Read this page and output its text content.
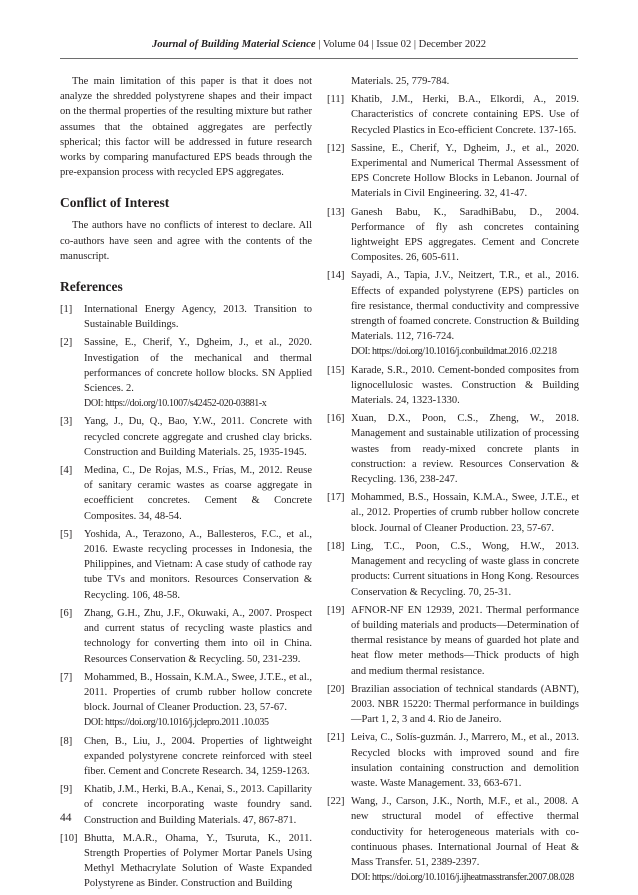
Journal of Building Material Science | Volume 04 | Issue 02 | December 2022

The main limitation of this paper is that it does not analyze the shredded polystyrene shapes and their impact on the thermal properties of the resulting mixture but rather assumes that the obtained aggregates are perfectly spherical; this factor will be addressed in future research works by comparing manufactured EPS beads through the pre-expansion process with recycled EPS aggregates.

Conflict of Interest

The authors have no conflicts of interest to declare. All co-authors have seen and agree with the contents of the manuscript.

References
[1] International Energy Agency, 2013. Transition to Sustainable Buildings.
[2] Sassine, E., Cherif, Y., Dgheim, J., et al., 2020. Investigation of the mechanical and thermal performances of concrete hollow blocks. SN Applied Sciences. 2.
DOI: https://doi.org/10.1007/s42452-020-03881-x
[3] Yang, J., Du, Q., Bao, Y.W., 2011. Concrete with recycled concrete aggregate and crushed clay bricks. Construction and Building Materials. 25, 1935-1945.
[4] Medina, C., De Rojas, M.S., Frías, M., 2012. Reuse of sanitary ceramic wastes as coarse aggregate in ecoefficient concretes. Cement & Concrete Composites. 34, 48-54.
[5] Yoshida, A., Terazono, A., Ballesteros, F.C., et al., 2016. Ewaste recycling processes in Indonesia, the Philippines, and Vietnam: A case study of cathode ray tube TVs and monitors. Resources Conservation & Recycling. 106, 48-58.
[6] Zhang, G.H., Zhu, J.F., Okuwaki, A., 2007. Prospect and current status of recycling waste plastics and technology for converting them into oil in China. Resources Conservation & Recycling. 50, 231-239.
[7] Mohammed, B., Hossain, K.M.A., Swee, J.T.E., et al., 2011. Properties of crumb rubber hollow concrete block. Journal of Cleaner Production. 23, 57-67.
DOI: https://doi.org/10.1016/j.jclepro.2011 .10.035
[8] Chen, B., Liu, J., 2004. Properties of lightweight expanded polystyrene concrete reinforced with steel fiber. Cement and Concrete Research. 34, 1259-1263.
[9] Khatib, J.M., Herki, B.A., Kenai, S., 2013. Capillarity of concrete incorporating waste foundry sand. Construction and Building Materials. 47, 867-871.
[10] Bhutta, M.A.R., Ohama, Y., Tsuruta, K., 2011. Strength Properties of Polymer Mortar Panels Using Methyl Methacrylate Solution of Waste Expanded Polystyrene as Binder. Construction and Building
Materials. 25, 779-784.
[11] Khatib, J.M., Herki, B.A., Elkordi, A., 2019. Characteristics of concrete containing EPS. Use of Recycled Plastics in Eco-efficient Concrete. 137-165.
[12] Sassine, E., Cherif, Y., Dgheim, J., et al., 2020. Experimental and Numerical Thermal Assessment of EPS Concrete Hollow Blocks in Lebanon. Journal of Materials in Civil Engineering. 32, 41-47.
[13] Ganesh Babu, K., SaradhiBabu, D., 2004. Performance of fly ash concretes containing lightweight EPS aggregates. Cement and Concrete Composites. 26, 605-611.
[14] Sayadi, A., Tapia, J.V., Neitzert, T.R., et al., 2016. Effects of expanded polystyrene (EPS) particles on fire resistance, thermal conductivity and compressive strength of foamed concrete. Construction & Building Materials. 112, 716-724.
DOI: https://doi.org/10.1016/j.conbuildmat.2016 .02.218
[15] Karade, S.R., 2010. Cement-bonded composites from lignocellulosic wastes. Construction & Building Materials. 24, 1323-1330.
[16] Xuan, D.X., Poon, C.S., Zheng, W., 2018. Management and sustainable utilization of processing wastes from ready-mixed concrete plants in construction: a review. Resources Conservation & Recycling. 136, 238-247.
[17] Mohammed, B.S., Hossain, K.M.A., Swee, J.T.E., et al., 2012. Properties of crumb rubber hollow concrete block. Journal of Cleaner Production. 23, 57-67.
[18] Ling, T.C., Poon, C.S., Wong, H.W., 2013. Management and recycling of waste glass in concrete products: Current situations in Hong Kong. Resources Conservation & Recycling. 70, 25-31.
[19] AFNOR-NF EN 12939, 2021. Thermal performance of building materials and products—Determination of thermal resistance by means of guarded hot plate and heat flow meter methods—Thick products of high and medium thermal resistance.
[20] Brazilian association of technical standards (ABNT), 2003. NBR 15220: Thermal performance in buildings—Part 1, 2, 3 and 4. Rio de Janeiro.
[21] Leiva, C., Solís-guzmán. J., Marrero, M., et al., 2013. Recycled blocks with improved sound and fire insulation containing construction and demolition waste. Waste Management. 33, 663-671.
[22] Wang, J., Carson, J.K., North, M.F., et al., 2008. A new structural model of effective thermal conductivity for heterogeneous materials with co-continuous phases. International Journal of Heat & Mass Transfer. 51, 2389-2397.
DOI: https://doi.org/10.1016/j.ijheatmasstransfer.2007.08.028
44
